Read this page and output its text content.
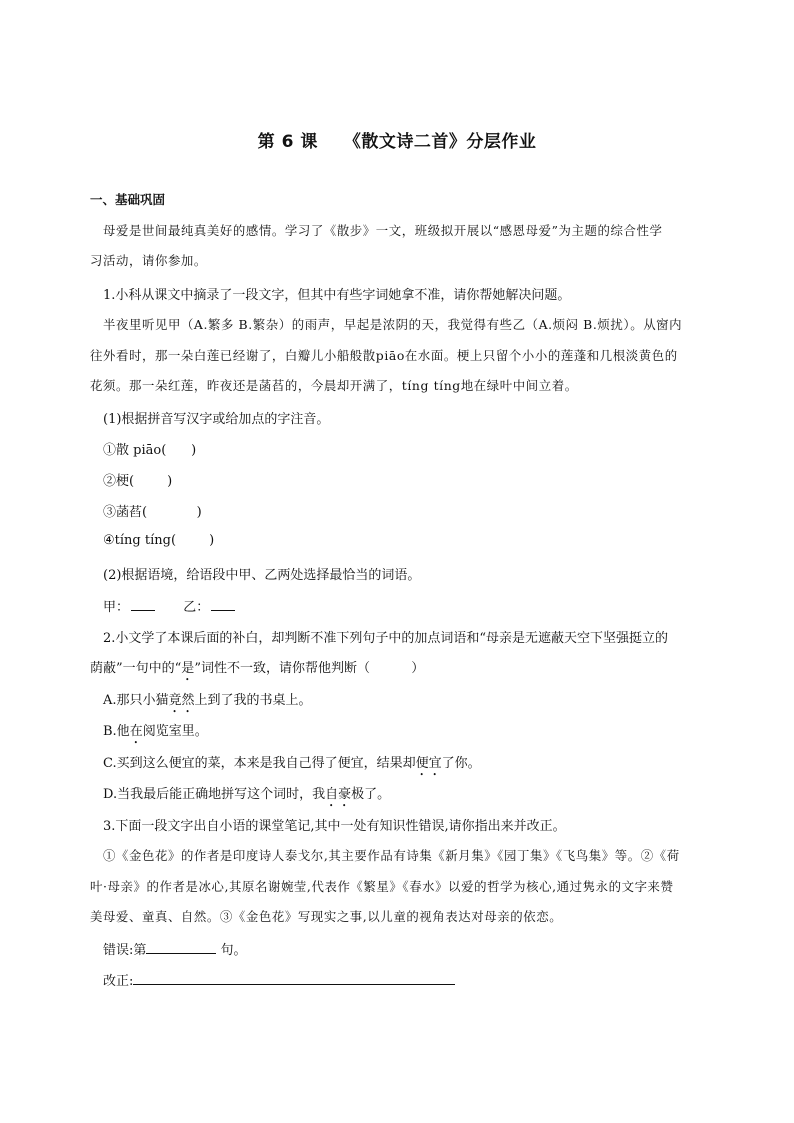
第 6 课 《散文诗二首》分层作业
一、基础巩固
母爱是世间最纯真美好的感情。学习了《散步》一文，班级拟开展以“感恩母爱”为主题的综合性学
习活动，请你参加。
1.小科从课文中摘录了一段文字，但其中有些字词她拿不准，请你帮她解决问题。
半夜里听见甲（A.繁多 B.繁杂）的雨声，早起是浓阴的天，我觉得有些乙（A.烦闷 B.烦扰）。从窗内
往外看时，那一朵白莲已经谢了，白瓣儿小船般散piāo在水面。梗上只留个小小的莲蓬和几根淡黄色的
花须。那一朵红莲，昨夜还是菡萏的，今晨却开满了，tíng tíng地在绿叶中间立着。
(1)根据拼音写汉字或给加点的字注音。
①散 piāo( )
②梗(	)
③菡萏(	)
④tíng tíng(	)
(2)根据语境，给语段中甲、乙两处选择最恰当的词语。
甲：	乙：
2.小文学了本课后面的补白，却判断不准下列句子中的加点词语和“母亲是无遮蔽天空下坚强挺立的
荫蔽”一句中的“是”词性不一致，请你帮他判断（	）
A.那只小猫竟然上到了我的书桌上。
B.他在阅览室里。
C.买到这么便宜的菜，本来是我自己得了便宜，结果却便宜了你。
D.当我最后能正确地拼写这个词时，我自豪极了。
3.下面一段文字出自小语的课堂笔记,其中一处有知识性错误,请你指出来并改正。
①《金色花》的作者是印度诗人泰戈尔,其主要作品有诗集《新月集》《园丁集》《飞鸟集》等。②《荷
叶·母亲》的作者是冰心,其原名谢婉莹,代表作《繁星》《春水》以爱的哲学为核心,通过隽永的文字来赞
美母爱、童真、自然。③《金色花》写现实之事,以儿童的视角表达对母亲的依恋。
错误:第	句。
改正:
